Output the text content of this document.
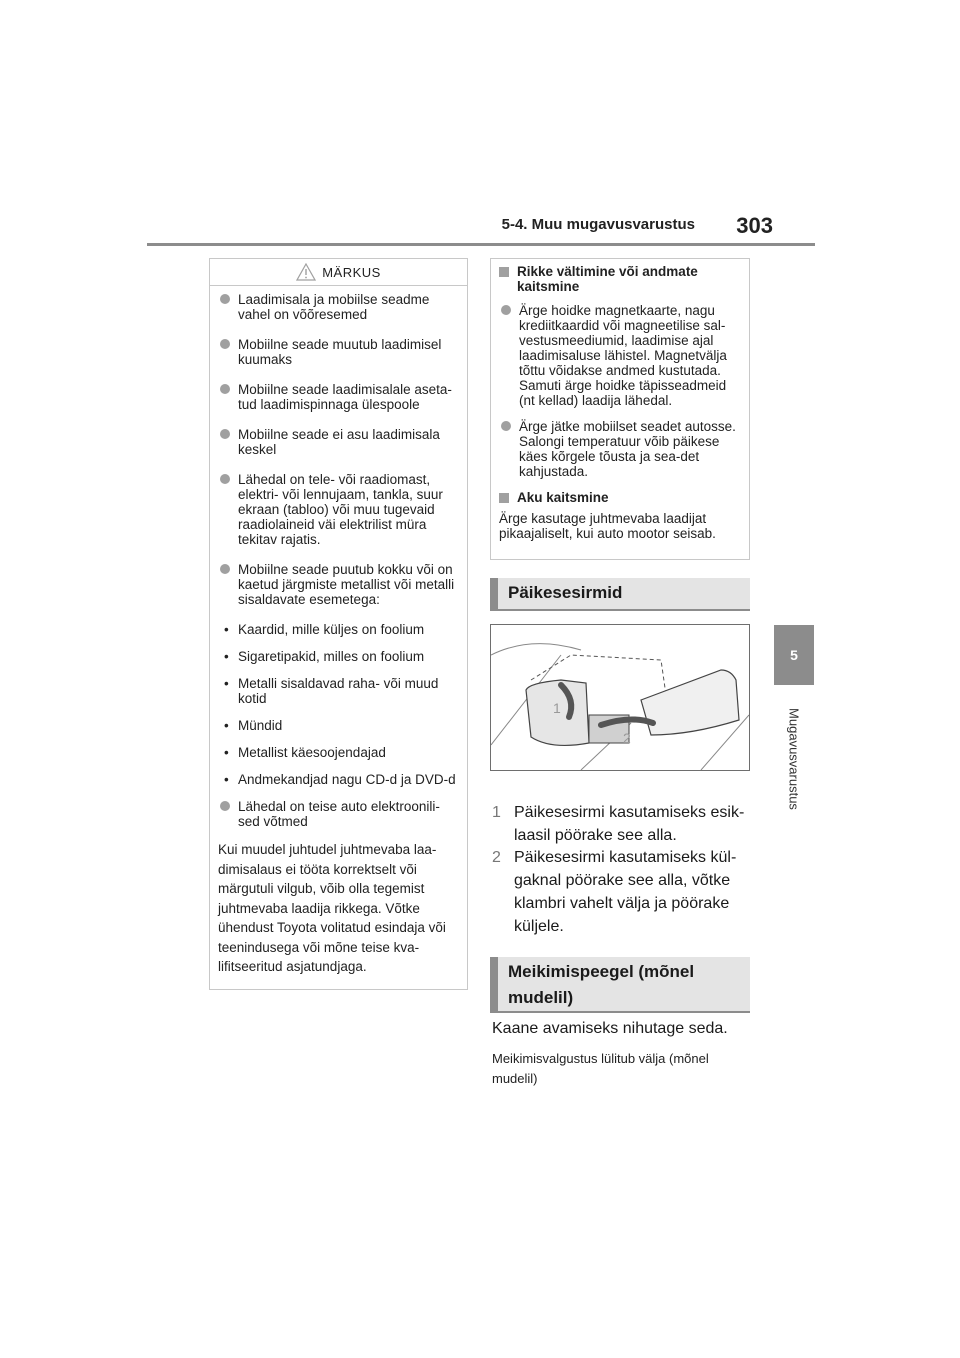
5-4. Muu mugavusvarustus 303
5
Mugavusvarustus
MÄRKUS
Laadimisala ja mobiilse seadme vahel on võõresemed
Mobiilne seade muutub laadimisel kuumaks
Mobiilne seade laadimisalale aseta-tud laadimispinnaga ülespoole
Mobiilne seade ei asu laadimisala keskel
Lähedal on tele- või raadiomast, elektri- või lennujaam, tankla, suur ekraan (tabloo) või muu tugevaid raadiolaineid väi elektrilist müra tekitav rajatis.
Mobiilne seade puutub kokku või on kaetud järgmiste metallist või metalli sisaldavate esemetega:
• Kaardid, mille küljes on foolium
• Sigaretipakid, milles on foolium
• Metalli sisaldavad raha- või muud kotid
• Mündid
• Metallist käesoojendajad
• Andmekandjad nagu CD-d ja DVD-d
Lähedal on teise auto elektroonili-sed võtmed
Kui muudel juhtudel juhtmevaba laa-dimisalaus ei tööta korrektselt või märgutuli vilgub, võib olla tegemist juhtmevaba laadija rikkega. Võtke ühendust Toyota volitatud esindaja või teenindusega või mõne teise kva-lifitseeritud asjatundjaga.
Rikke vältimine või andmate kaitsmine
Ärge hoidke magnetkaarte, nagu krediitkaardid või magneetilise sal-vestusmeediumid, laadimise ajal laadimisaluse lähistel. Magnetvälja tõttu võidakse andmed kustutada. Samuti ärge hoidke täpisseadmeid (nt kellad) laadija lähedal.
Ärge jätke mobiilset seadet autosse. Salongi temperatuur võib päikese käes kõrgele tõusta ja sea-det kahjustada.
Aku kaitsmine
Ärge kasutage juhtmevaba laadijat pikaajaliselt, kui auto mootor seisab.
Päikesesirmid
1
2
1 Päikesesirmi kasutamiseks esik-laasil pöörake see alla.
2 Päikesesirmi kasutamiseks kül-gaknal pöörake see alla, võtke klambri vahelt välja ja pöörake küljele.
Meikimispeegel (mõnel mudelil)
Kaane avamiseks nihutage seda.
Meikimisvalgustus lülitub välja (mõnel mudelil)
